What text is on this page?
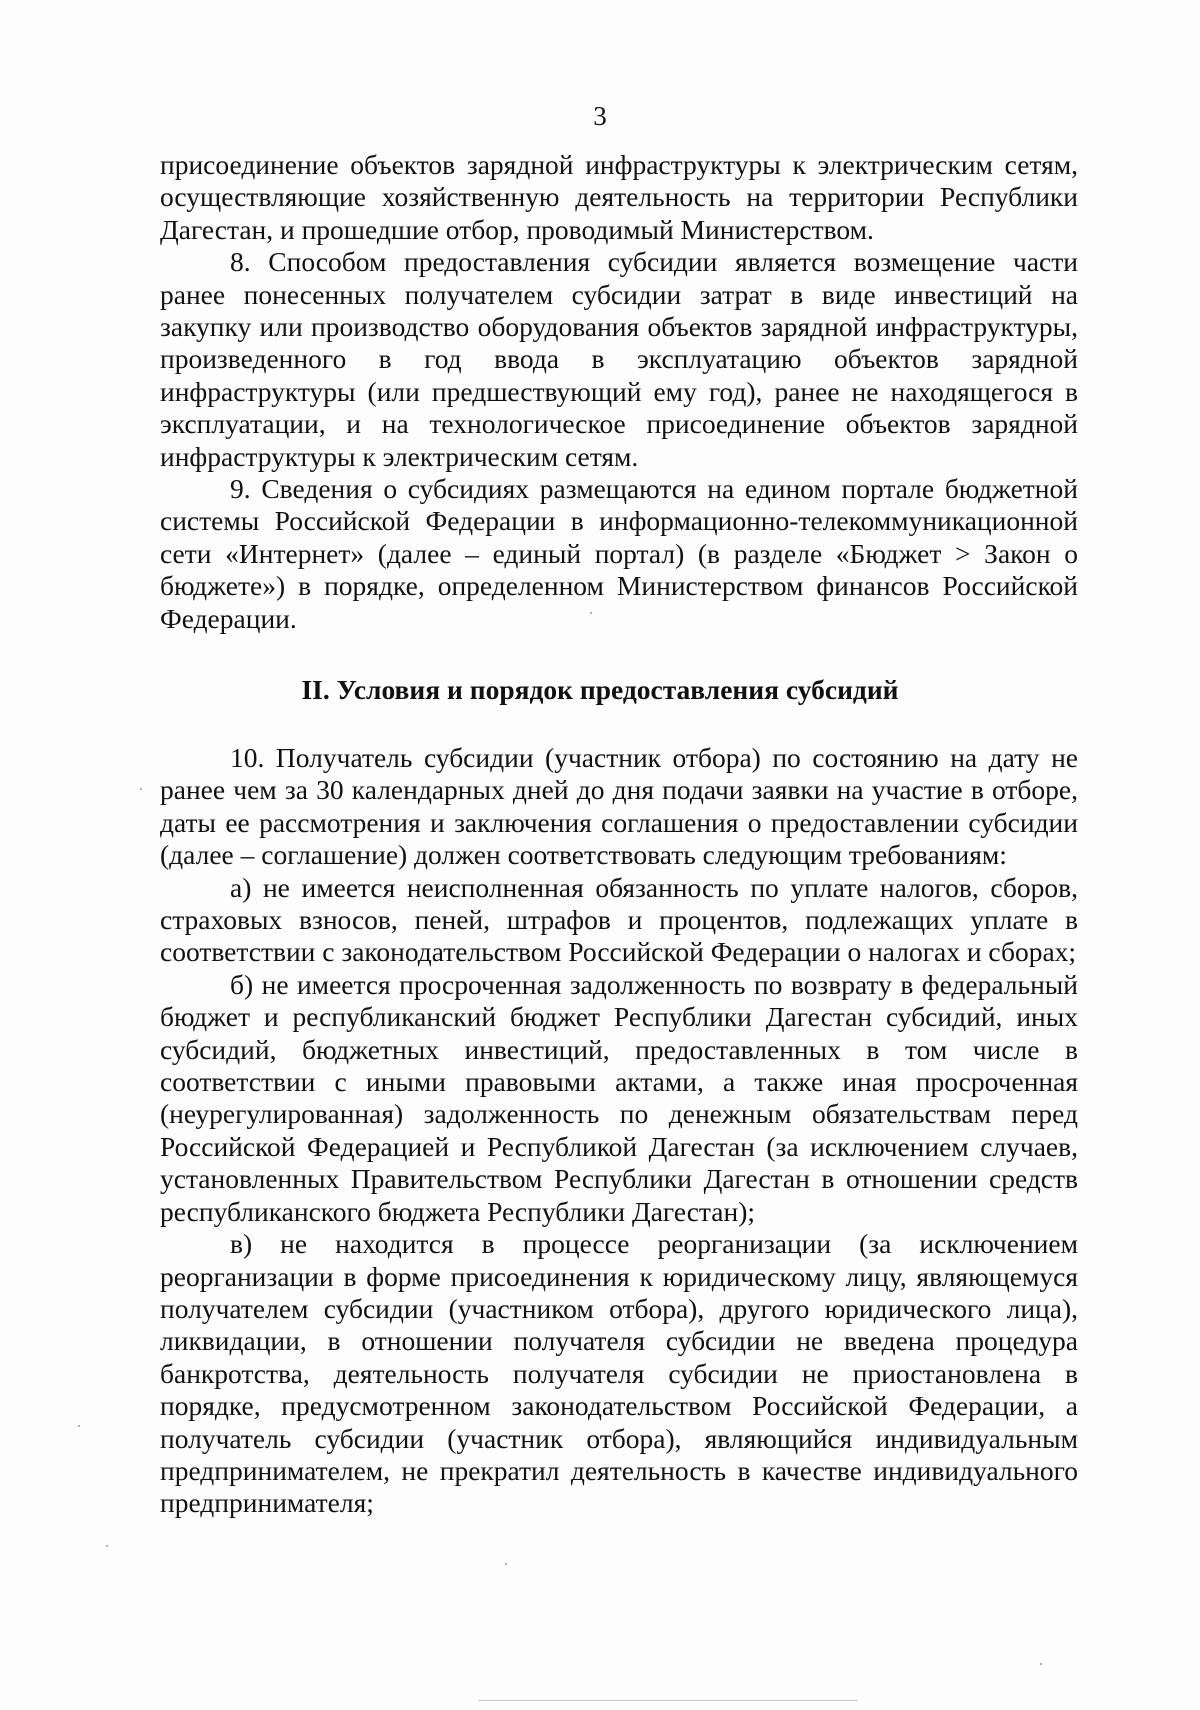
3

присоединение объектов зарядной инфраструктуры к электрическим сетям, осуществляющие хозяйственную деятельность на территории Республики Дагестан, и прошедшие отбор, проводимый Министерством.

8. Способом предоставления субсидии является возмещение части ранее понесенных получателем субсидии затрат в виде инвестиций на закупку или производство оборудования объектов зарядной инфраструктуры, произведенного в год ввода в эксплуатацию объектов зарядной инфраструктуры (или предшествующий ему год), ранее не находящегося в эксплуатации, и на технологическое присоединение объектов зарядной инфраструктуры к электрическим сетям.

9. Сведения о субсидиях размещаются на едином портале бюджетной системы Российской Федерации в информационно-телекоммуникационной сети «Интернет» (далее – единый портал) (в разделе «Бюджет > Закон о бюджете») в порядке, определенном Министерством финансов Российской Федерации.

II. Условия и порядок предоставления субсидий

10. Получатель субсидии (участник отбора) по состоянию на дату не ранее чем за 30 календарных дней до дня подачи заявки на участие в отборе, даты ее рассмотрения и заключения соглашения о предоставлении субсидии (далее – соглашение) должен соответствовать следующим требованиям:

а) не имеется неисполненная обязанность по уплате налогов, сборов, страховых взносов, пеней, штрафов и процентов, подлежащих уплате в соответствии с законодательством Российской Федерации о налогах и сборах;

б) не имеется просроченная задолженность по возврату в федеральный бюджет и республиканский бюджет Республики Дагестан субсидий, иных субсидий, бюджетных инвестиций, предоставленных в том числе в соответствии с иными правовыми актами, а также иная просроченная (неурегулированная) задолженность по денежным обязательствам перед Российской Федерацией и Республикой Дагестан (за исключением случаев, установленных Правительством Республики Дагестан в отношении средств республиканского бюджета Республики Дагестан);

в) не находится в процессе реорганизации (за исключением реорганизации в форме присоединения к юридическому лицу, являющемуся получателем субсидии (участником отбора), другого юридического лица), ликвидации, в отношении получателя субсидии не введена процедура банкротства, деятельность получателя субсидии не приостановлена в порядке, предусмотренном законодательством Российской Федерации, а получатель субсидии (участник отбора), являющийся индивидуальным предпринимателем, не прекратил деятельность в качестве индивидуального предпринимателя;
